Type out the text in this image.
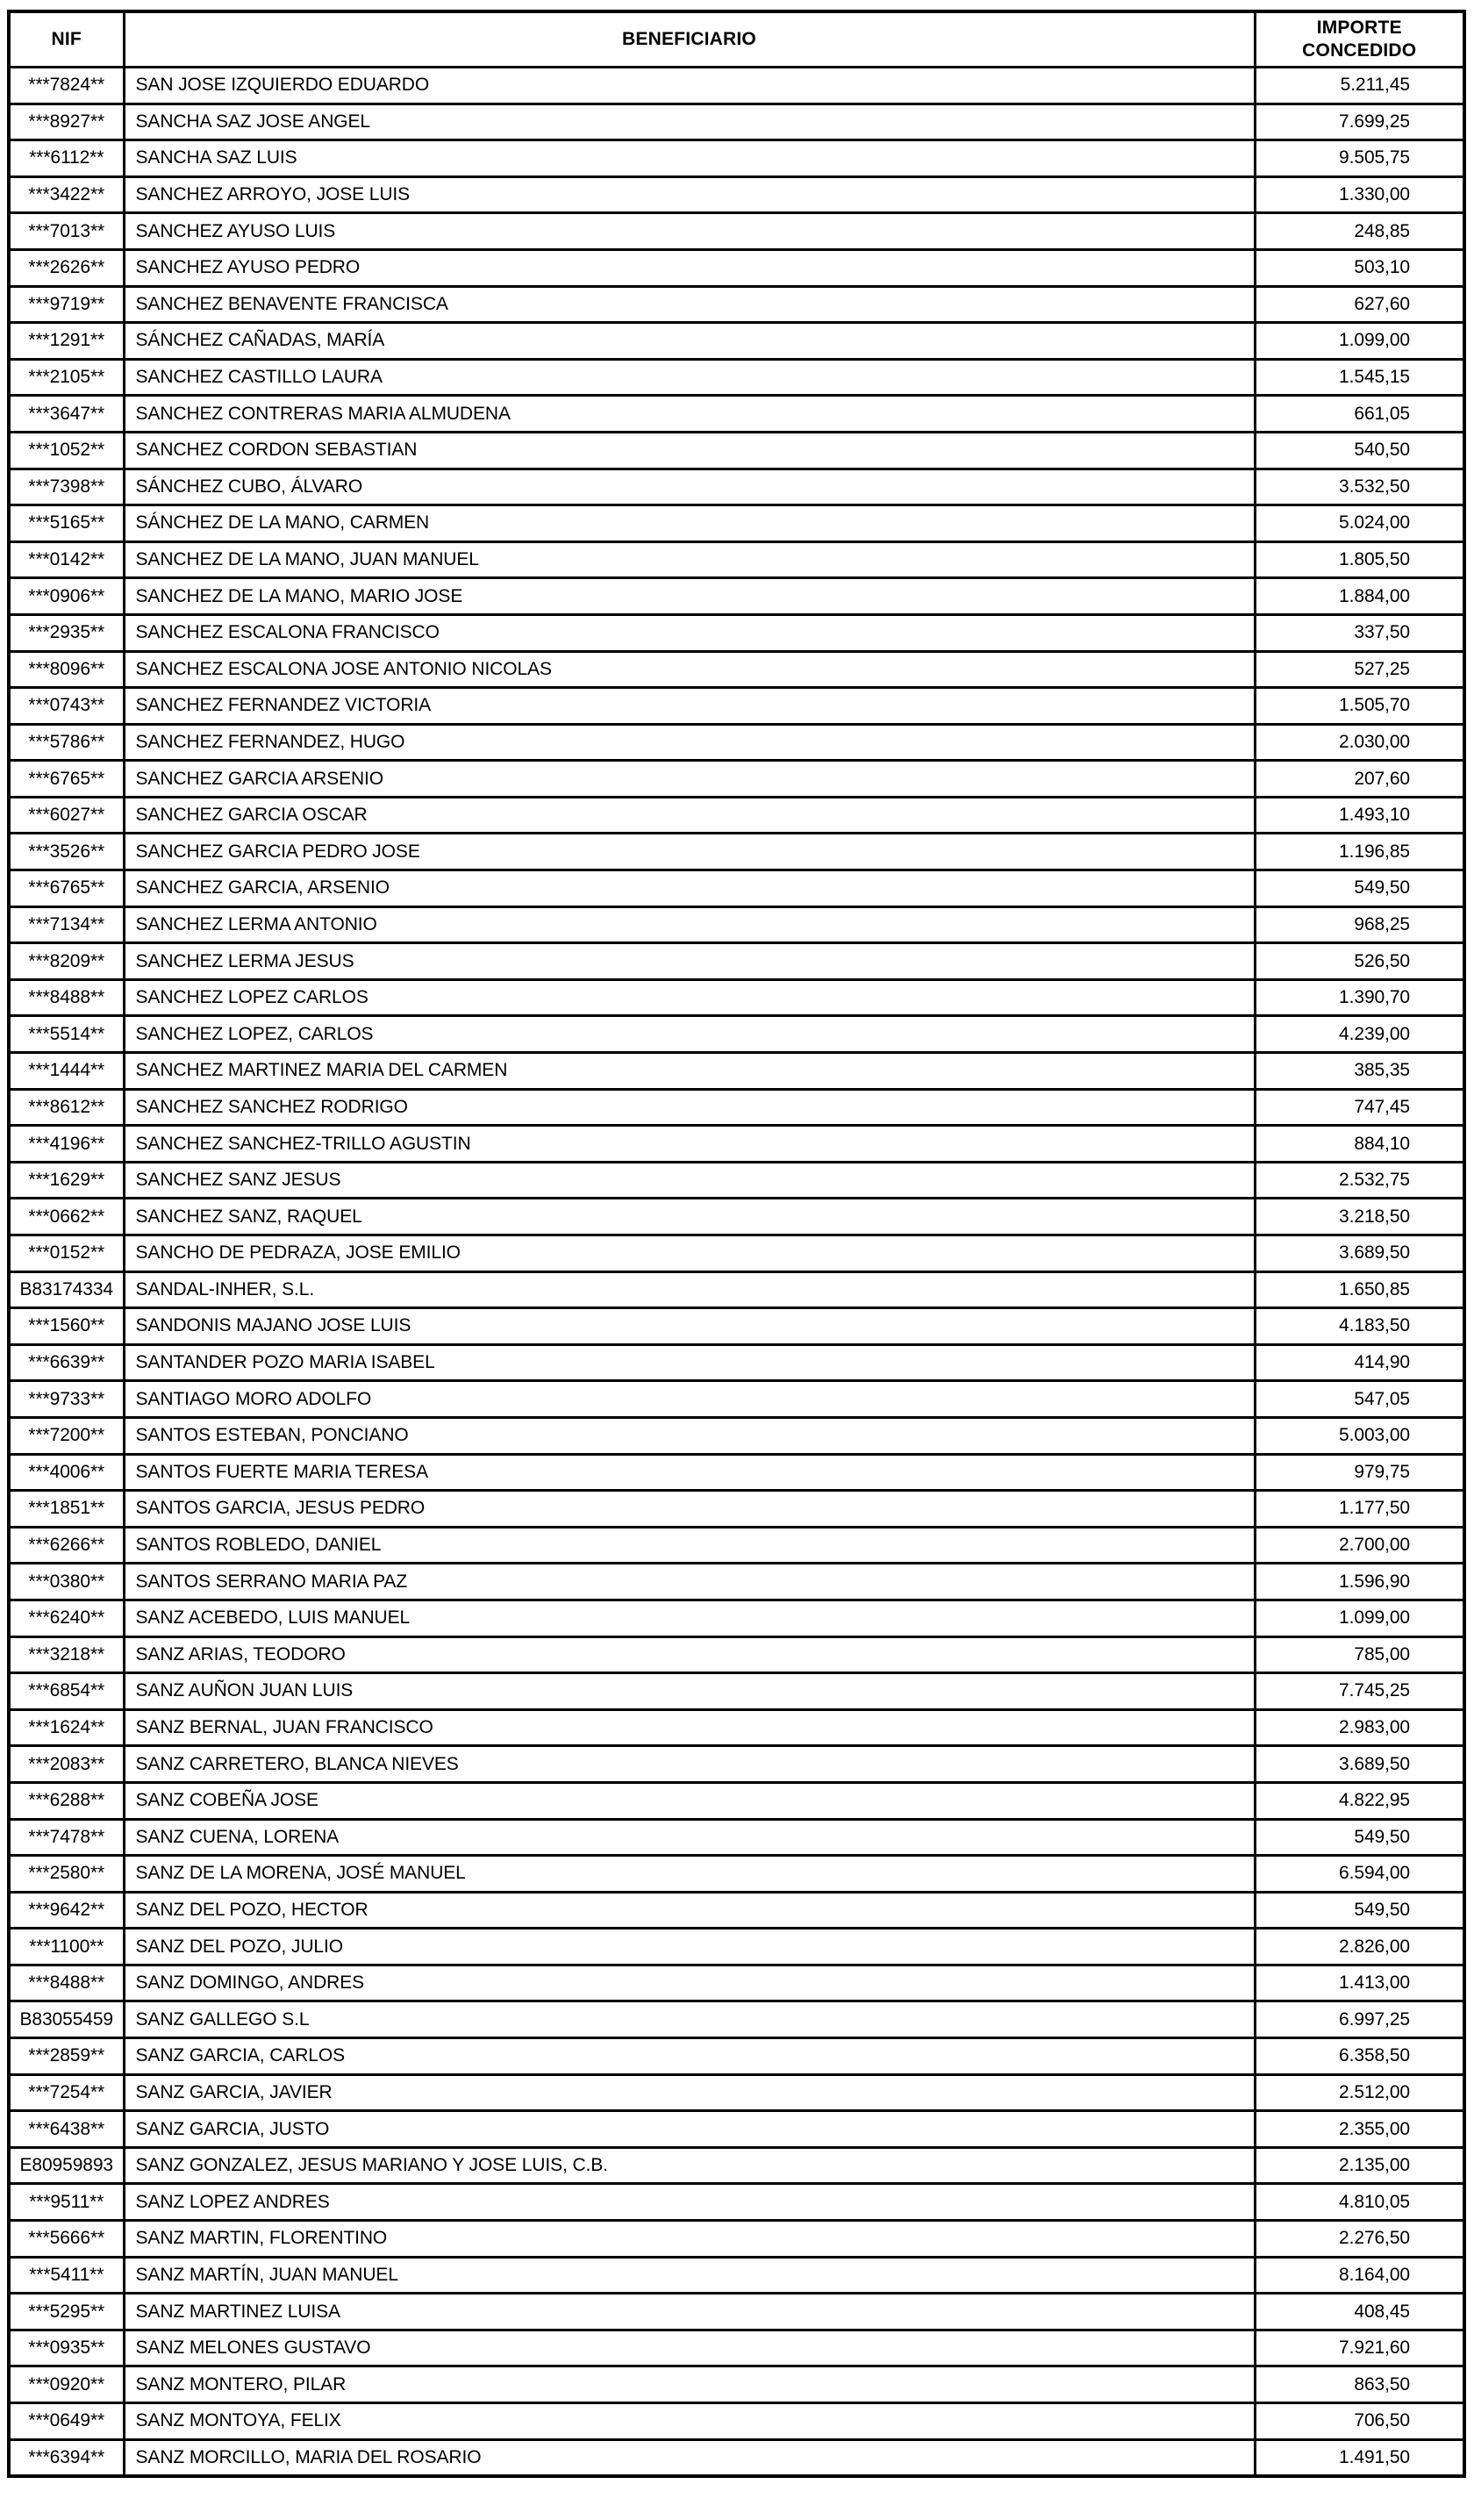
NIF	BENEFICIARIO	IMPORTE CONCEDIDO
***7824**	SAN JOSE IZQUIERDO EDUARDO	5.211,45
***8927**	SANCHA SAZ JOSE ANGEL	7.699,25
***6112**	SANCHA SAZ LUIS	9.505,75
***3422**	SANCHEZ ARROYO, JOSE LUIS	1.330,00
***7013**	SANCHEZ AYUSO LUIS	248,85
***2626**	SANCHEZ AYUSO PEDRO	503,10
***9719**	SANCHEZ BENAVENTE FRANCISCA	627,60
***1291**	SÁNCHEZ CAÑADAS, MARÍA	1.099,00
***2105**	SANCHEZ CASTILLO LAURA	1.545,15
***3647**	SANCHEZ CONTRERAS MARIA ALMUDENA	661,05
***1052**	SANCHEZ CORDON SEBASTIAN	540,50
***7398**	SÁNCHEZ CUBO, ÁLVARO	3.532,50
***5165**	SÁNCHEZ DE LA MANO, CARMEN	5.024,00
***0142**	SANCHEZ DE LA MANO, JUAN MANUEL	1.805,50
***0906**	SANCHEZ DE LA MANO, MARIO JOSE	1.884,00
***2935**	SANCHEZ ESCALONA FRANCISCO	337,50
***8096**	SANCHEZ ESCALONA JOSE ANTONIO NICOLAS	527,25
***0743**	SANCHEZ FERNANDEZ VICTORIA	1.505,70
***5786**	SANCHEZ FERNANDEZ, HUGO	2.030,00
***6765**	SANCHEZ GARCIA ARSENIO	207,60
***6027**	SANCHEZ GARCIA OSCAR	1.493,10
***3526**	SANCHEZ GARCIA PEDRO JOSE	1.196,85
***6765**	SANCHEZ GARCIA, ARSENIO	549,50
***7134**	SANCHEZ LERMA ANTONIO	968,25
***8209**	SANCHEZ LERMA JESUS	526,50
***8488**	SANCHEZ LOPEZ CARLOS	1.390,70
***5514**	SANCHEZ LOPEZ, CARLOS	4.239,00
***1444**	SANCHEZ MARTINEZ MARIA DEL CARMEN	385,35
***8612**	SANCHEZ SANCHEZ RODRIGO	747,45
***4196**	SANCHEZ SANCHEZ-TRILLO AGUSTIN	884,10
***1629**	SANCHEZ SANZ JESUS	2.532,75
***0662**	SANCHEZ SANZ, RAQUEL	3.218,50
***0152**	SANCHO DE PEDRAZA, JOSE EMILIO	3.689,50
B83174334	SANDAL-INHER, S.L.	1.650,85
***1560**	SANDONIS MAJANO JOSE LUIS	4.183,50
***6639**	SANTANDER POZO MARIA ISABEL	414,90
***9733**	SANTIAGO MORO ADOLFO	547,05
***7200**	SANTOS ESTEBAN, PONCIANO	5.003,00
***4006**	SANTOS FUERTE MARIA TERESA	979,75
***1851**	SANTOS GARCIA, JESUS PEDRO	1.177,50
***6266**	SANTOS ROBLEDO, DANIEL	2.700,00
***0380**	SANTOS SERRANO MARIA PAZ	1.596,90
***6240**	SANZ ACEBEDO, LUIS MANUEL	1.099,00
***3218**	SANZ ARIAS, TEODORO	785,00
***6854**	SANZ AUÑON JUAN LUIS	7.745,25
***1624**	SANZ BERNAL, JUAN FRANCISCO	2.983,00
***2083**	SANZ CARRETERO, BLANCA NIEVES	3.689,50
***6288**	SANZ COBEÑA JOSE	4.822,95
***7478**	SANZ CUENA, LORENA	549,50
***2580**	SANZ DE LA MORENA, JOSÉ MANUEL	6.594,00
***9642**	SANZ DEL POZO, HECTOR	549,50
***1100**	SANZ DEL POZO, JULIO	2.826,00
***8488**	SANZ DOMINGO, ANDRES	1.413,00
B83055459	SANZ GALLEGO S.L	6.997,25
***2859**	SANZ GARCIA, CARLOS	6.358,50
***7254**	SANZ GARCIA, JAVIER	2.512,00
***6438**	SANZ GARCIA, JUSTO	2.355,00
E80959893	SANZ GONZALEZ, JESUS MARIANO Y JOSE LUIS, C.B.	2.135,00
***9511**	SANZ LOPEZ ANDRES	4.810,05
***5666**	SANZ MARTIN, FLORENTINO	2.276,50
***5411**	SANZ MARTÍN, JUAN MANUEL	8.164,00
***5295**	SANZ MARTINEZ LUISA	408,45
***0935**	SANZ MELONES GUSTAVO	7.921,60
***0920**	SANZ MONTERO, PILAR	863,50
***0649**	SANZ MONTOYA, FELIX	706,50
***6394**	SANZ MORCILLO, MARIA DEL ROSARIO	1.491,50
